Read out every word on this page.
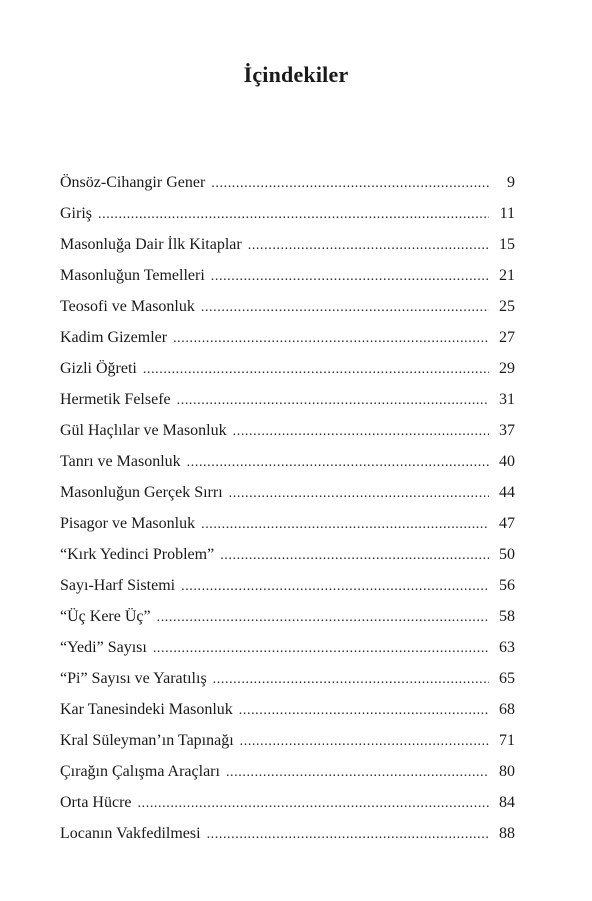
İçindekiler
Önsöz-Cihangir Gener .....	9
Giriş .....	11
Masonluğa Dair İlk Kitaplar .....	15
Masonluğun Temelleri .....	21
Teosofi ve Masonluk .....	25
Kadim Gizemler .....	27
Gizli Öğreti .....	29
Hermetik Felsefe .....	31
Gül Haçlılar ve Masonluk .....	37
Tanrı ve Masonluk .....	40
Masonluğun Gerçek Sırrı .....	44
Pisagor ve Masonluk .....	47
“Kırk Yedinci Problem” .....	50
Sayı-Harf Sistemi .....	56
“Üç Kere Üç” .....	58
“Yedi” Sayısı .....	63
“Pi” Sayısı ve Yaratılış .....	65
Kar Tanesindeki Masonluk .....	68
Kral Süleyman’ın Tapınağı .....	71
Çırağın Çalışma Araçları .....	80
Orta Hücre .....	84
Locanın Vakfedilmesi .....	88
